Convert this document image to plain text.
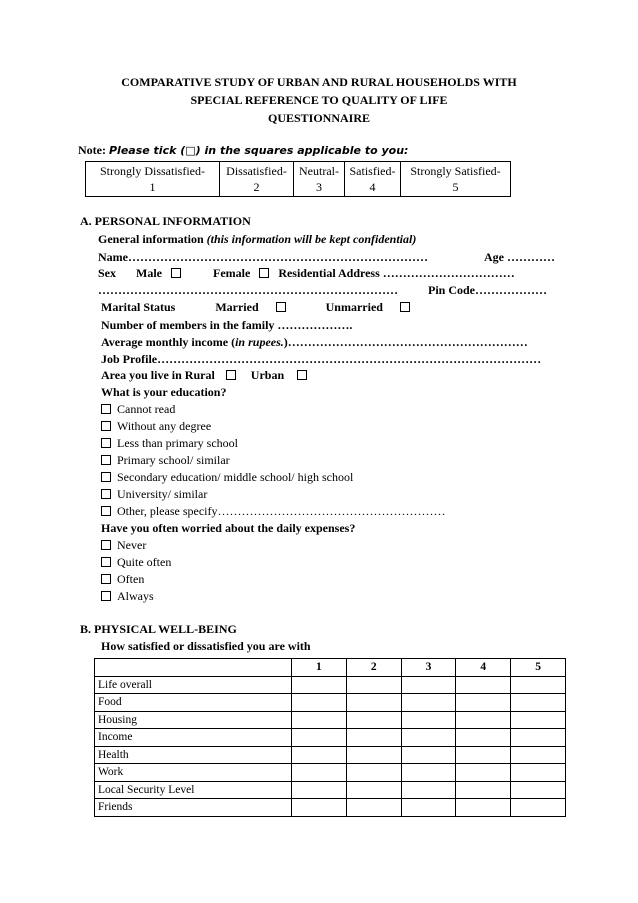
COMPARATIVE STUDY OF URBAN AND RURAL HOUSEHOLDS WITH
SPECIAL REFERENCE TO QUALITY OF LIFE
QUESTIONNAIRE
Note: Please tick (□) in the squares applicable to you:
Strongly Dissatisfied-
1

Dissatisfied-
2

Neutral-
3

Satisfied-
4

Strongly Satisfied-
5
A. PERSONAL INFORMATION
General information (this information will be kept confidential)
Name…………………………………………………………………	Age …………
Sex Male	Female Residential Address ……………………………
…………………………………………………………………	Pin Code………………
Marital Status	Married	Unmarried
Number of members in the family ……………….
Average monthly income (in rupees.)……………………………………………………
Job Profile……………………………………………………………………………………
Area you live in Rural	Urban
What is your education?
Cannot read
Without any degree
Less than primary school
Primary school/ similar
Secondary education/ middle school/ high school
University/ similar
Other, please specify…………………………………………………
Have you often worried about the daily expenses?
Never
Quite often
Often
Always
B. PHYSICAL WELL-BEING
How satisfied or dissatisfied you are with
	1	2	3	4	5
Life overall					
Food					
Housing					
Income					
Health					
Work					
Local Security Level					
Friends					
